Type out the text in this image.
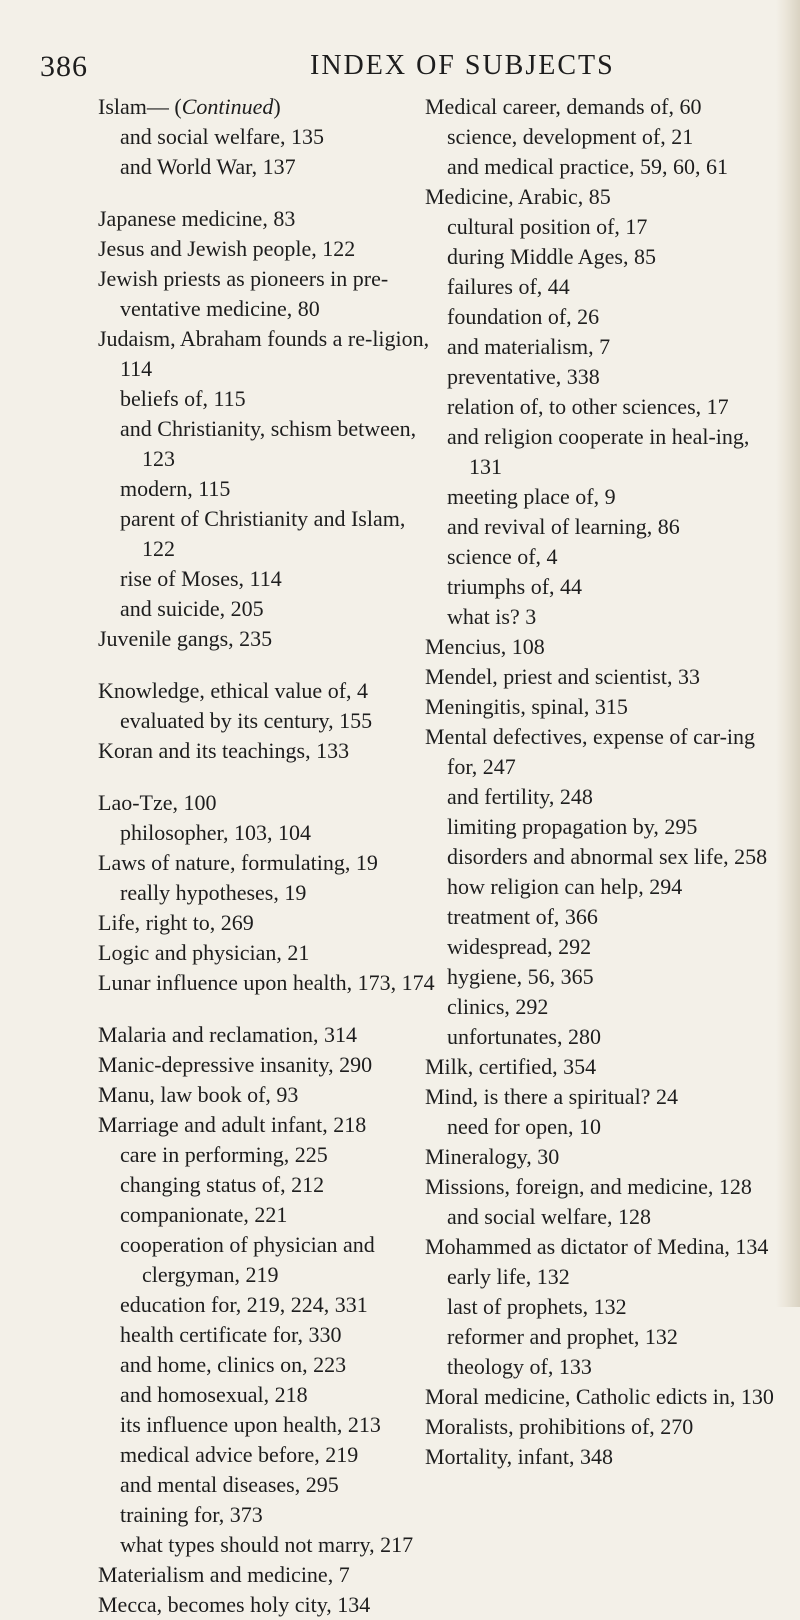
386	INDEX OF SUBJECTS

Islam— (Continued)

and social welfare, 135

and World War, 137

Japanese medicine, 83

Jesus and Jewish people, 122

Jewish priests as pioneers in pre-ventative medicine, 80

Judaism, Abraham founds a re-ligion, 114

beliefs of, 115

and Christianity, schism between, 123

modern, 115

parent of Christianity and Islam, 122

rise of Moses, 114

and suicide, 205

Juvenile gangs, 235

Knowledge, ethical value of, 4

evaluated by its century, 155

Koran and its teachings, 133

Lao-Tze, 100

philosopher, 103, 104

Laws of nature, formulating, 19

really hypotheses, 19

Life, right to, 269

Logic and physician, 21

Lunar influence upon health, 173, 174

Malaria and reclamation, 314

Manic-depressive insanity, 290

Manu, law book of, 93

Marriage and adult infant, 218

care in performing, 225

changing status of, 212

companionate, 221

cooperation of physician and clergyman, 219

education for, 219, 224, 331

health certificate for, 330

and home, clinics on, 223

and homosexual, 218

its influence upon health, 213

medical advice before, 219

and mental diseases, 295

training for, 373

what types should not marry, 217

Materialism and medicine, 7

Mecca, becomes holy city, 134

Medical career, demands of, 60

science, development of, 21

and medical practice, 59, 60, 61

Medicine, Arabic, 85

cultural position of, 17

during Middle Ages, 85

failures of, 44

foundation of, 26

and materialism, 7

preventative, 338

relation of, to other sciences, 17

and religion cooperate in heal-ing, 131

meeting place of, 9

and revival of learning, 86

science of, 4

triumphs of, 44

what is? 3

Mencius, 108

Mendel, priest and scientist, 33

Meningitis, spinal, 315

Mental defectives, expense of car-ing for, 247

and fertility, 248

limiting propagation by, 295

disorders and abnormal sex life, 258

how religion can help, 294

treatment of, 366

widespread, 292

hygiene, 56, 365

clinics, 292

unfortunates, 280

Milk, certified, 354

Mind, is there a spiritual? 24

need for open, 10

Mineralogy, 30

Missions, foreign, and medicine, 128

and social welfare, 128

Mohammed as dictator of Medina, 134

early life, 132

last of prophets, 132

reformer and prophet, 132

theology of, 133

Moral medicine, Catholic edicts in, 130

Moralists, prohibitions of, 270

Mortality, infant, 348
